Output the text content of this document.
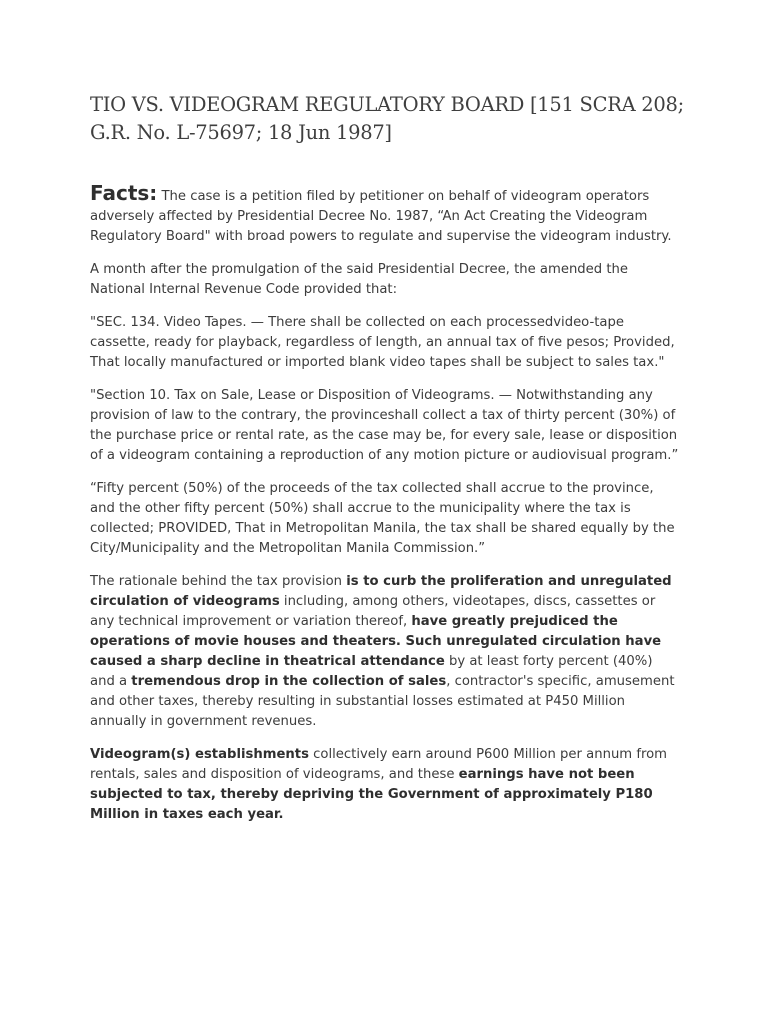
TIO VS. VIDEOGRAM REGULATORY BOARD [151 SCRA 208; G.R. No. L-75697; 18 Jun 1987]

Facts: The case is a petition filed by petitioner on behalf of videogram operators adversely affected by Presidential Decree No. 1987, “An Act Creating the Videogram Regulatory Board" with broad powers to regulate and supervise the videogram industry.

A month after the promulgation of the said Presidential Decree, the amended the National Internal Revenue Code provided that:

"SEC. 134. Video Tapes. — There shall be collected on each processedvideo-tape cassette, ready for playback, regardless of length, an annual tax of five pesos; Provided, That locally manufactured or imported blank video tapes shall be subject to sales tax."

"Section 10. Tax on Sale, Lease or Disposition of Videograms. — Notwithstanding any provision of law to the contrary, the provinceshall collect a tax of thirty percent (30%) of the purchase price or rental rate, as the case may be, for every sale, lease or disposition of a videogram containing a reproduction of any motion picture or audiovisual program.”

“Fifty percent (50%) of the proceeds of the tax collected shall accrue to the province, and the other fifty percent (50%) shall accrue to the municipality where the tax is collected; PROVIDED, That in Metropolitan Manila, the tax shall be shared equally by the City/Municipality and the Metropolitan Manila Commission.”

The rationale behind the tax provision is to curb the proliferation and unregulated circulation of videograms including, among others, videotapes, discs, cassettes or any technical improvement or variation thereof, have greatly prejudiced the operations of movie houses and theaters. Such unregulated circulation have caused a sharp decline in theatrical attendance by at least forty percent (40%) and a tremendous drop in the collection of sales, contractor's specific, amusement and other taxes, thereby resulting in substantial losses estimated at P450 Million annually in government revenues.

Videogram(s) establishments collectively earn around P600 Million per annum from rentals, sales and disposition of videograms, and these earnings have not been subjected to tax, thereby depriving the Government of approximately P180 Million in taxes each year.
